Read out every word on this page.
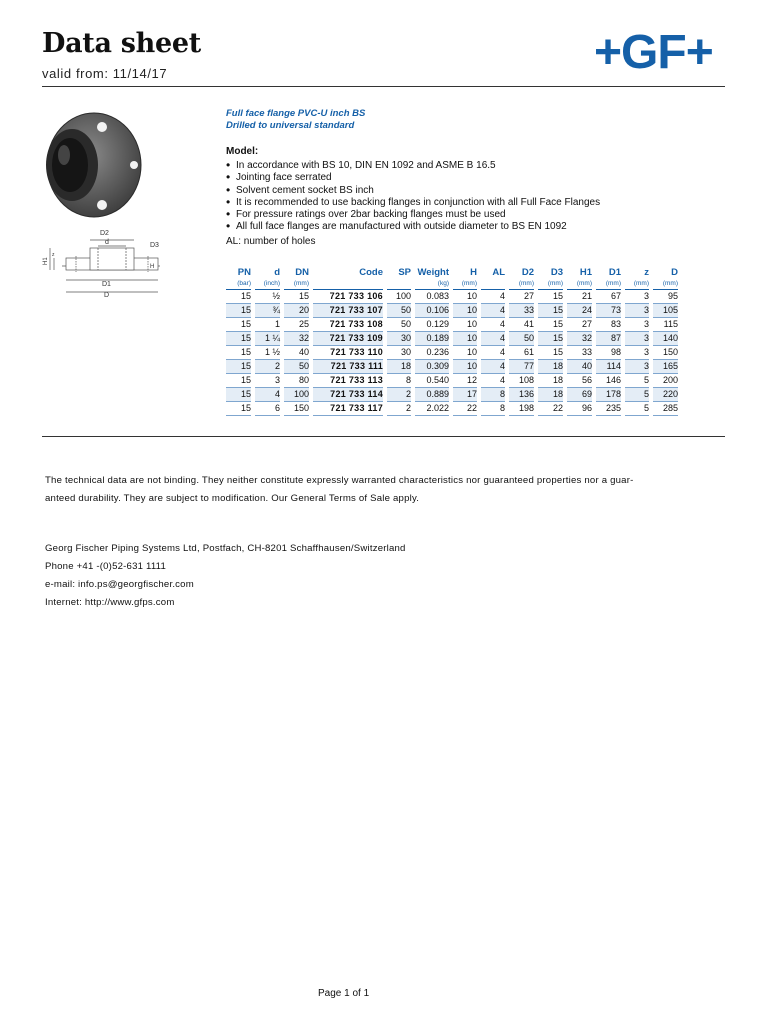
Data sheet
valid from: 11/14/17	+GF+
D2
d	D3
H1
z
H
D1
D
Full face flange PVC-U inch BS
Drilled to universal standard
Model:
• In accordance with BS 10, DIN EN 1092 and ASME B 16.5
• Jointing face serrated
• Solvent cement socket BS inch
• It is recommended to use backing flanges in conjunction with all Full Face Flanges
• For pressure ratings over 2bar backing flanges must be used
• All full face flanges are manufactured with outside diameter to BS EN 1092
AL: number of holes
PN		d		DN		Code		SP		Weight		H		AL		D2		D3		H1		D1		z		D
(bar)		(inch)		(mm)						(kg)		(mm)				(mm)		(mm)		(mm)		(mm)		(mm)		(mm)
15		½		15		721 733 106		100		0.083		10		4		27		15		21		67		3		95
15		¾		20		721 733 107		50		0.106		10		4		33		15		24		73		3		105
15		1		25		721 733 108		50		0.129		10		4		41		15		27		83		3		115
15		1 ¼		32		721 733 109		30		0.189		10		4		50		15		32		87		3		140
15		1 ½		40		721 733 110		30		0.236		10		4		61		15		33		98		3		150
15		2		50		721 733 111		18		0.309		10		4		77		18		40		114		3		165
15		3		80		721 733 113		8		0.540		12		4		108		18		56		146		5		200
15		4		100		721 733 114		2		0.889		17		8		136		18		69		178		5		220
15		6		150		721 733 117		2		2.022		22		8		198		22		96		235		5		285
The technical data are not binding. They neither constitute expressly warranted characteristics nor guaranteed properties nor a guar-
anteed durability. They are subject to modification. Our General Terms of Sale apply.
Georg Fischer Piping Systems Ltd, Postfach, CH-8201 Schaffhausen/Switzerland
Phone +41 -(0)52-631 1111
e-mail: info.ps@georgfischer.com
Internet: http://www.gfps.com
Page 1 of 1
